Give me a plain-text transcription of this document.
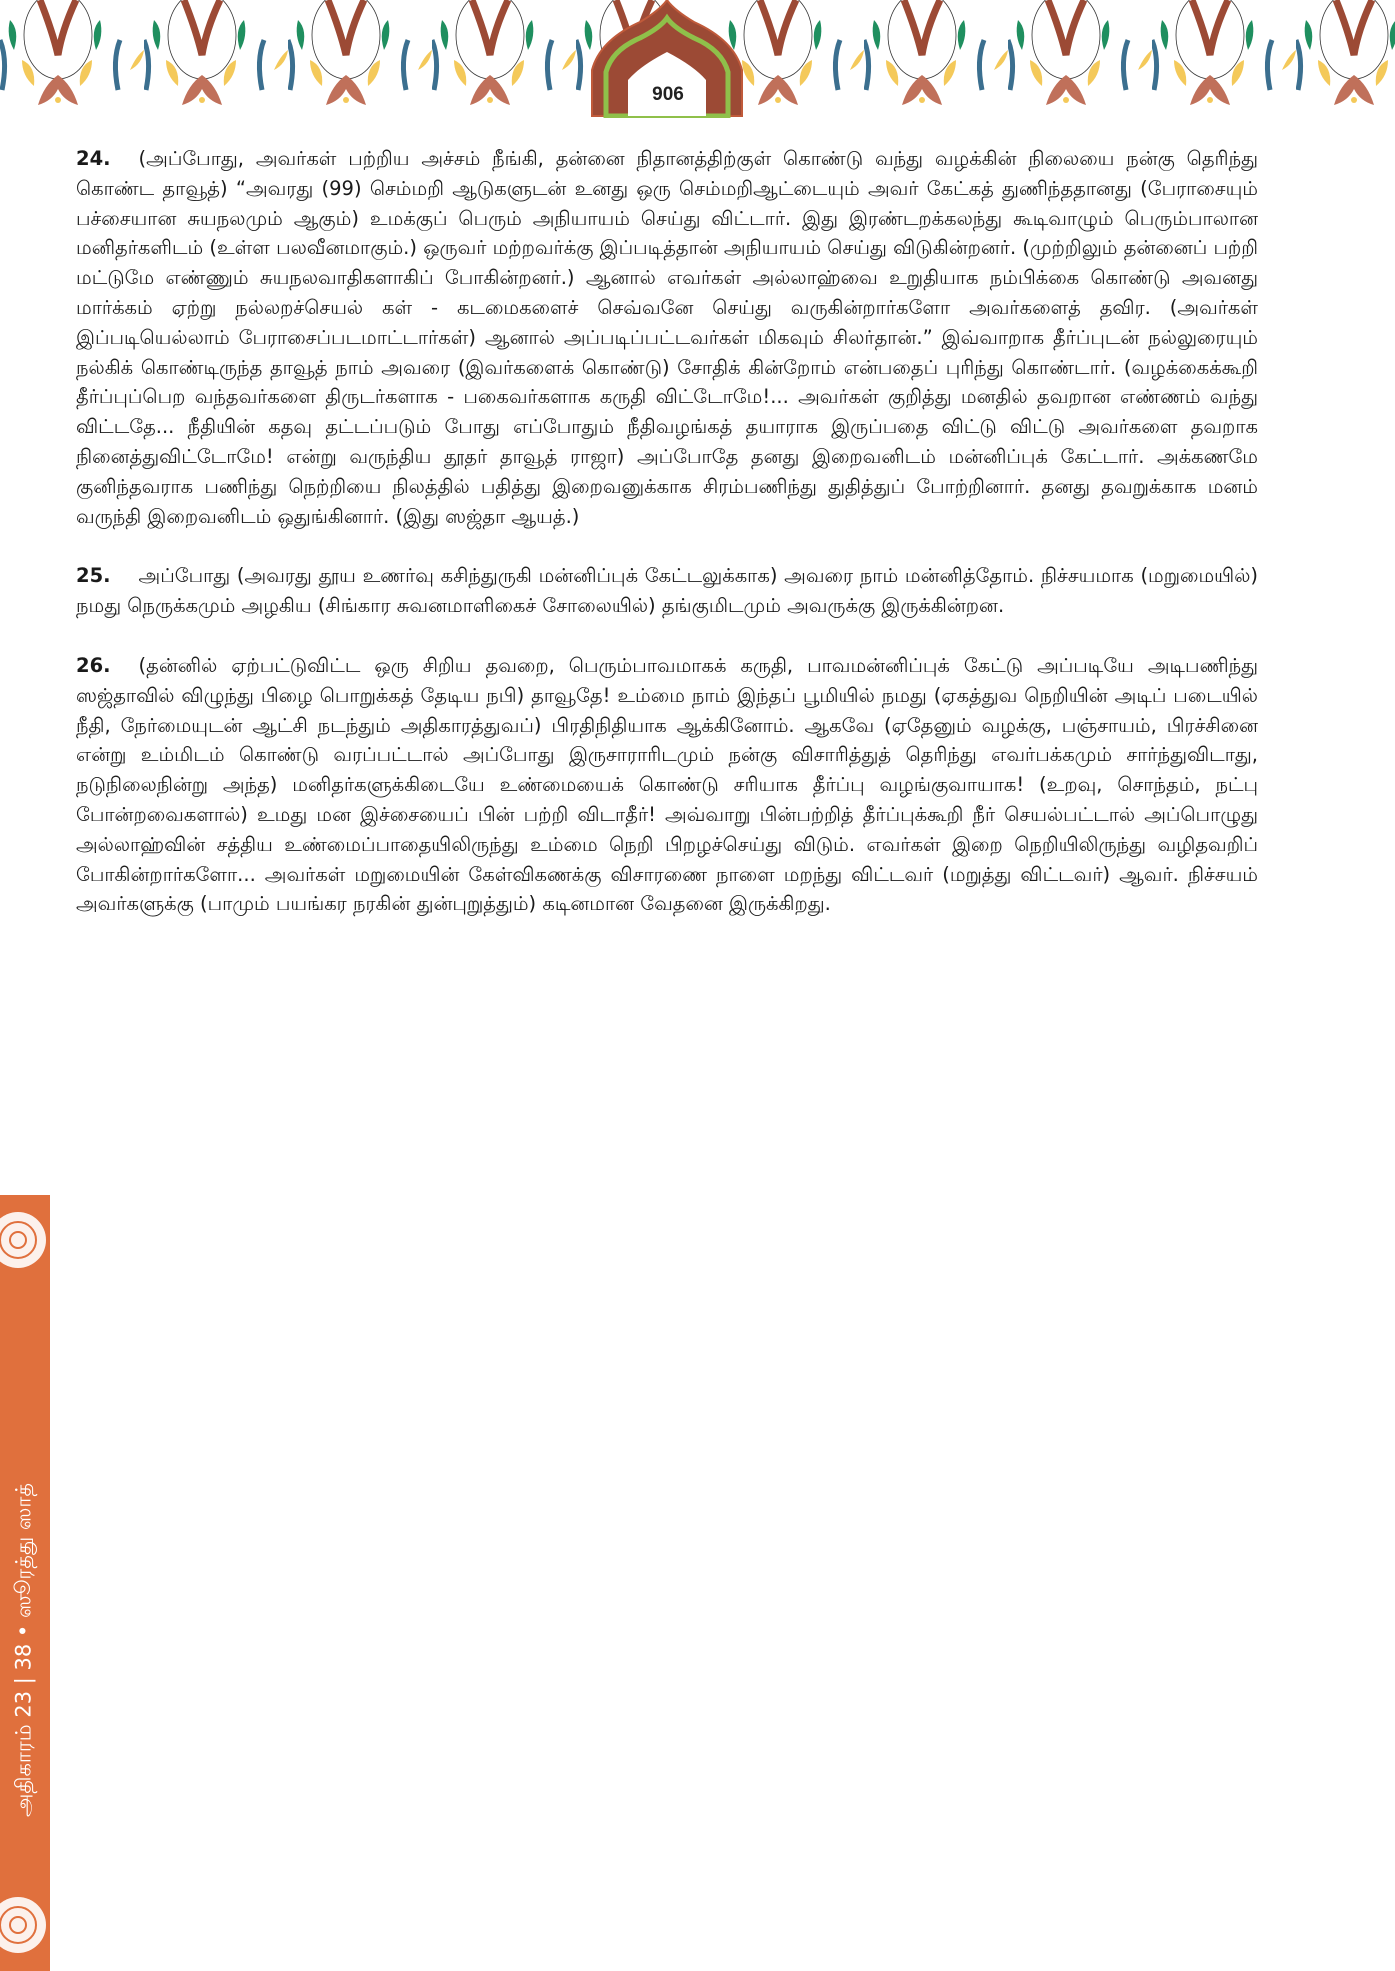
906

24. (அப்போது, அவர்கள் பற்றிய அச்சம் நீங்கி, தன்னை நிதானத்திற்குள் கொண்டு வந்து வழக்கின் நிலையை நன்கு தெரிந்து கொண்ட தாவூத்) “அவரது (99) செம்மறி ஆடுகளுடன் உனது ஒரு செம்மறிஆட்டையும் அவர் கேட்கத் துணிந்ததானது (பேராசையும் பச்சையான சுயநலமும் ஆகும்) உமக்குப் பெரும் அநியாயம் செய்து விட்டார். இது இரண்டறக்கலந்து கூடிவாழும் பெரும்பாலான மனிதர்களிடம் (உள்ள பலவீனமாகும்.) ஒருவர் மற்றவர்க்கு இப்படித்தான் அநியாயம் செய்து விடுகின்றனர். (முற்றிலும் தன்னைப் பற்றி மட்டுமே எண்ணும் சுயநலவாதிகளாகிப் போகின்றனர்.) ஆனால் எவர்கள் அல்லாஹ்வை உறுதியாக நம்பிக்கை கொண்டு அவனது மார்க்கம் ஏற்று நல்லறச்செயல் கள் - கடமைகளைச் செவ்வனே செய்து வருகின்றார்களோ அவர்களைத் தவிர. (அவர்கள் இப்படியெல்லாம் பேராசைப்படமாட்டார்கள்) ஆனால் அப்படிப்பட்டவர்கள் மிகவும் சிலர்தான்.” இவ்வாறாக தீர்ப்புடன் நல்லுரையும் நல்கிக் கொண்டிருந்த தாவூத் நாம் அவரை (இவர்களைக் கொண்டு) சோதிக் கின்றோம் என்பதைப் புரிந்து கொண்டார். (வழக்கைக்கூறி தீர்ப்புப்பெற வந்தவர்களை திருடர்களாக - பகைவர்களாக கருதி விட்டோமே!... அவர்கள் குறித்து மனதில் தவறான எண்ணம் வந்து விட்டதே... நீதியின் கதவு தட்டப்படும் போது எப்போதும் நீதிவழங்கத் தயாராக இருப்பதை விட்டு விட்டு அவர்களை தவறாக நினைத்துவிட்டோமே! என்று வருந்திய தூதர் தாவூத் ராஜா) அப்போதே தனது இறைவனிடம் மன்னிப்புக் கேட்டார். அக்கணமே குனிந்தவராக பணிந்து நெற்றியை நிலத்தில் பதித்து இறைவனுக்காக சிரம்பணிந்து துதித்துப் போற்றினார். தனது தவறுக்காக மனம் வருந்தி இறைவனிடம் ஒதுங்கினார். (இது ஸஜ்தா ஆயத்.)

25. அப்போது (அவரது தூய உணர்வு கசிந்துருகி மன்னிப்புக் கேட்டலுக்காக) அவரை நாம் மன்னித்தோம். நிச்சயமாக (மறுமையில்) நமது நெருக்கமும் அழகிய (சிங்கார சுவனமாளிகைச் சோலையில்) தங்குமிடமும் அவருக்கு இருக்கின்றன.

26. (தன்னில் ஏற்பட்டுவிட்ட ஒரு சிறிய தவறை, பெரும்பாவமாகக் கருதி, பாவமன்னிப்புக் கேட்டு அப்படியே அடிபணிந்து ஸஜ்தாவில் விழுந்து பிழை பொறுக்கத் தேடிய நபி) தாவூதே! உம்மை நாம் இந்தப் பூமியில் நமது (ஏகத்துவ நெறியின் அடிப் படையில் நீதி, நேர்மையுடன் ஆட்சி நடந்தும் அதிகாரத்துவப்) பிரதிநிதியாக ஆக்கினோம். ஆகவே (ஏதேனும் வழக்கு, பஞ்சாயம், பிரச்சினை என்று உம்மிடம் கொண்டு வரப்பட்டால் அப்போது இருசாராரிடமும் நன்கு விசாரித்துத் தெரிந்து எவர்பக்கமும் சார்ந்துவிடாது, நடுநிலைநின்று அந்த) மனிதர்களுக்கிடையே உண்மையைக் கொண்டு சரியாக தீர்ப்பு வழங்குவாயாக! (உறவு, சொந்தம், நட்பு போன்றவைகளால்) உமது மன இச்சையைப் பின் பற்றி விடாதீர்! அவ்வாறு பின்பற்றித் தீர்ப்புக்கூறி நீர் செயல்பட்டால் அப்பொழுது அல்லாஹ்வின் சத்திய உண்மைப்பாதையிலிருந்து உம்மை நெறி பிறழச்செய்து விடும். எவர்கள் இறை நெறியிலிருந்து வழிதவறிப் போகின்றார்களோ... அவர்கள் மறுமையின் கேள்விகணக்கு விசாரணை நாளை மறந்து விட்டவர் (மறுத்து விட்டவர்) ஆவர். நிச்சயம் அவர்களுக்கு (பாமும் பயங்கர நரகின் துன்புறுத்தும்) கடினமான வேதனை இருக்கிறது.

அதிகாரம் 23 | 38 • ஸூரத்து ஸாத்
